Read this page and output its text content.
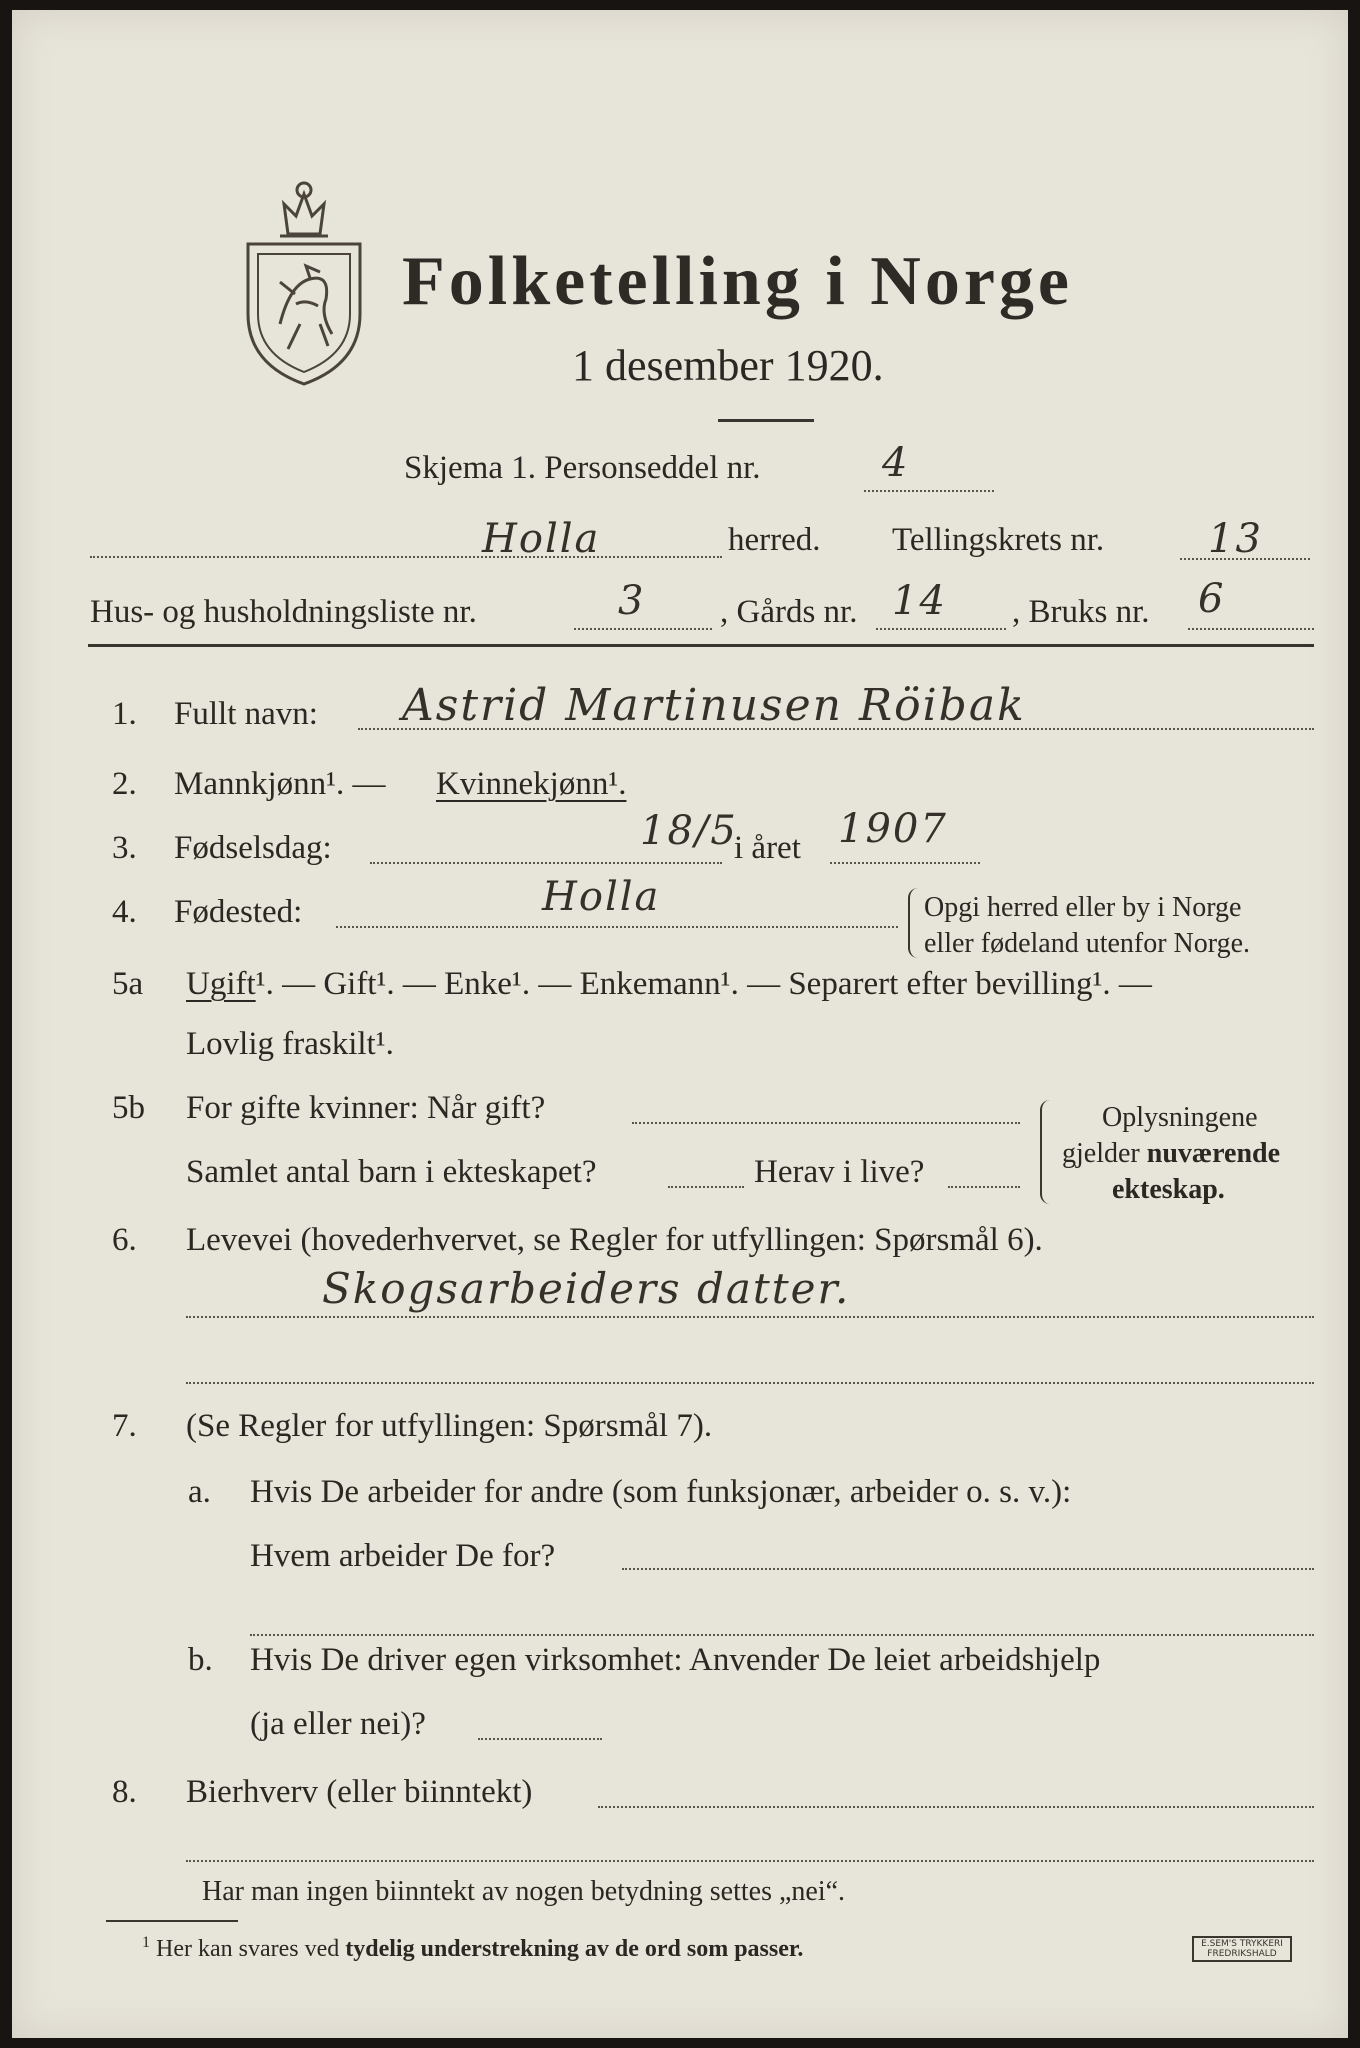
Folketelling i Norge
1 desember 1920.
Skjema 1. Personseddel nr.	4
Holla	herred. Tellingskrets nr.	13
Hus- og husholdningsliste nr.	3 , Gårds nr. 14 , Bruks nr. 6
1. Fullt navn: Astrid Martinusen Röibak
2. Mannkjønn¹. — Kvinnekjønn¹.
3. Fødselsdag:	18/5
i året 1907
4. Fødested:	Holla	Opgi herred eller by i Norge
eller fødeland utenfor Norge.
5a Ugift¹. — Gift¹. — Enke¹. — Enkemann¹. — Separert efter bevilling¹. —
Lovlig fraskilt¹.
5b For gifte kvinner: Når gift?
Samlet antal barn i ekteskapet?	Herav i live?
Oplysningene
gjelder nuværende
ekteskap.
6. Levevei (hovederhvervet, se Regler for utfyllingen: Spørsmål 6).
Skogsarbeiders datter.
7. (Se Regler for utfyllingen: Spørsmål 7).
a. Hvis De arbeider for andre (som funksjonær, arbeider o. s. v.):
Hvem arbeider De for?
b. Hvis De driver egen virksomhet: Anvender De leiet arbeidshjelp
(ja eller nei)?
8. Bierhverv (eller biinntekt)
Har man ingen biinntekt av nogen betydning settes „nei“.
$^1$ Her kan svares ved tydelig understrekning av de ord som passer.	E.SEM'S TRYKKERI
FREDRIKSHALD
